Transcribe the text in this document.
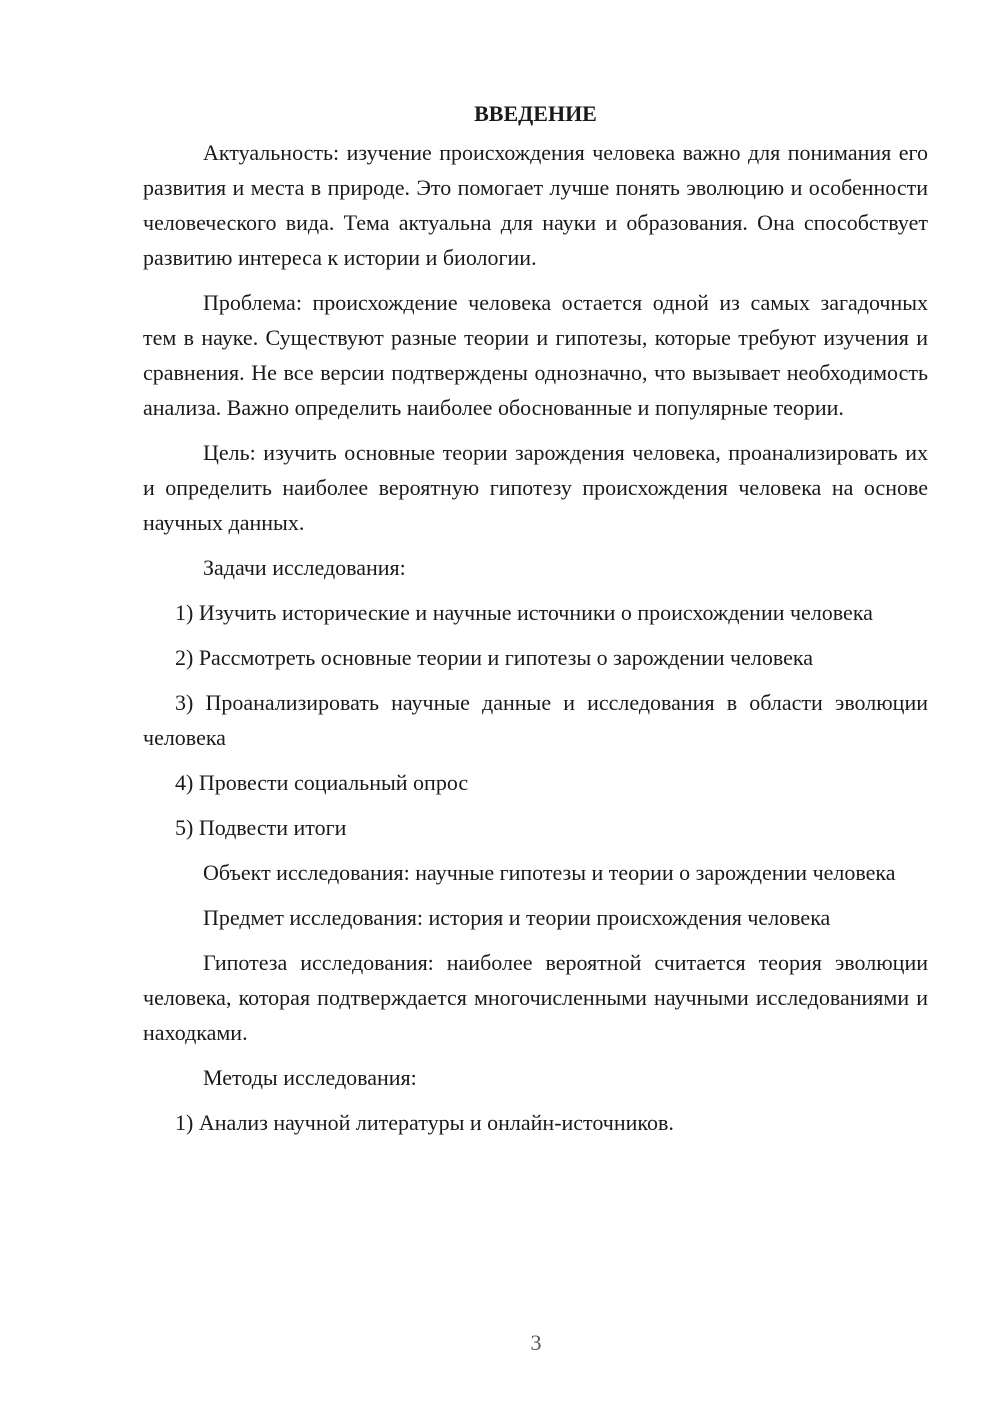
ВВЕДЕНИЕ

Актуальность: изучение происхождения человека важно для понимания его развития и места в природе. Это помогает лучше понять эволюцию и особенности человеческого вида. Тема актуальна для науки и образования. Она способствует развитию интереса к истории и биологии.

Проблема: происхождение человека остается одной из самых загадочных тем в науке. Существуют разные теории и гипотезы, которые требуют изучения и сравнения. Не все версии подтверждены однозначно, что вызывает необходимость анализа. Важно определить наиболее обоснованные и популярные теории.

Цель: изучить основные теории зарождения человека, проанализировать их и определить наиболее вероятную гипотезу происхождения человека на основе научных данных.

Задачи исследования:

1) Изучить исторические и научные источники о происхождении человека

2) Рассмотреть основные теории и гипотезы о зарождении человека

3) Проанализировать научные данные и исследования в области эволюции человека

4) Провести социальный опрос

5) Подвести итоги

Объект исследования: научные гипотезы и теории о зарождении человека

Предмет исследования: история и теории происхождения человека

Гипотеза исследования: наиболее вероятной считается теория эволюции человека, которая подтверждается многочисленными научными исследованиями и находками.

Методы исследования:

1) Анализ научной литературы и онлайн-источников.

3
